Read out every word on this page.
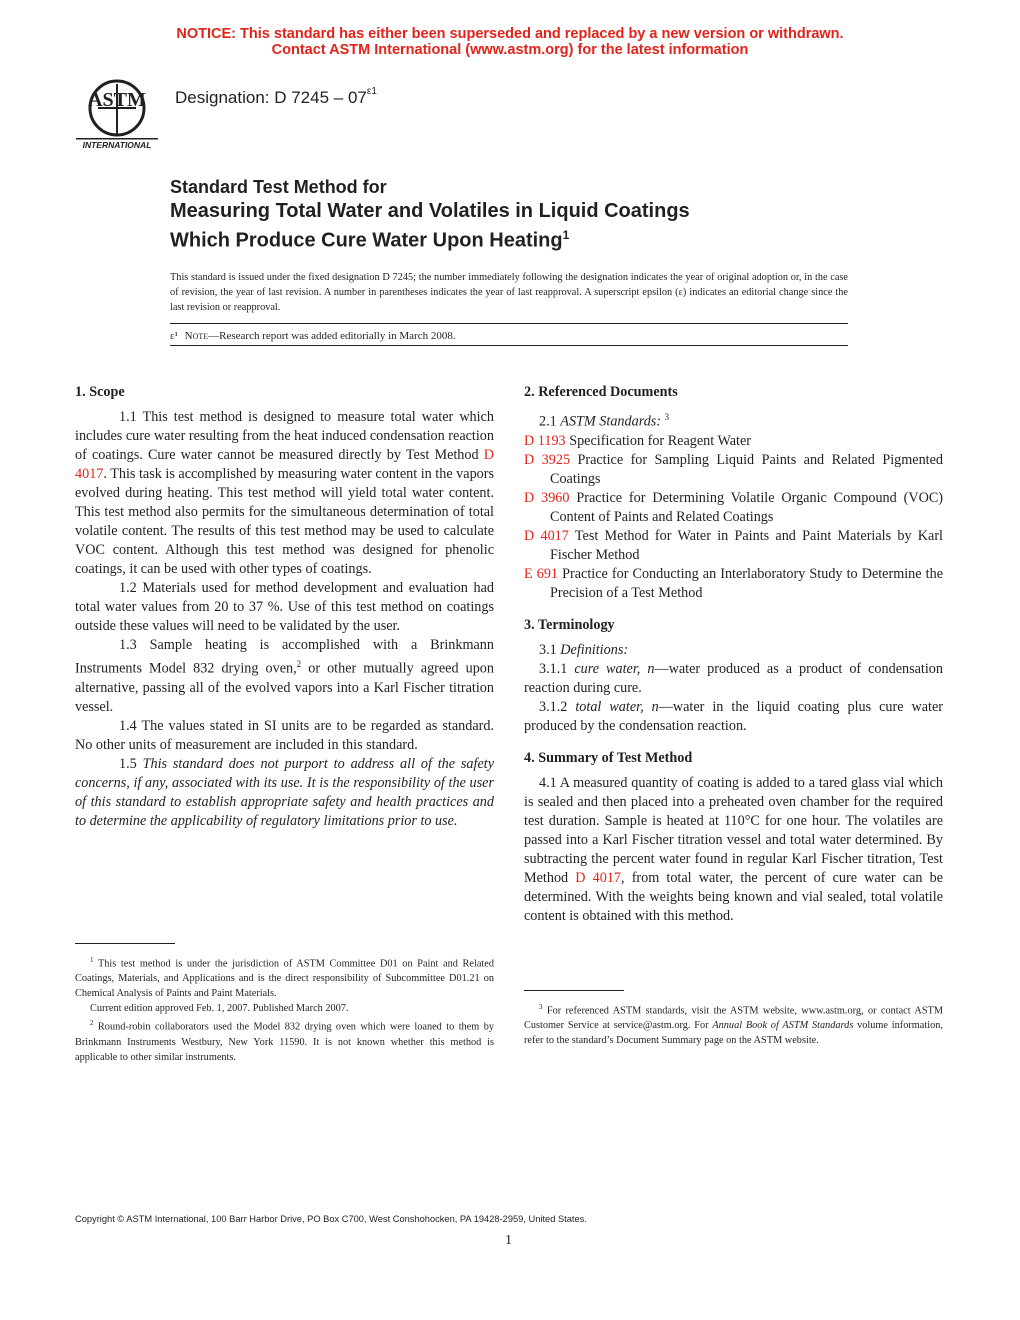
NOTICE: This standard has either been superseded and replaced by a new version or withdrawn.
Contact ASTM International (www.astm.org) for the latest information
ASTM
INTERNATIONAL
Designation: D $7245 - 07^{\varepsilon 1}$
Standard Test Method for
Measuring Total Water and Volatiles in Liquid Coatings
Which Produce Cure Water Upon Heating$^1$
This standard is issued under the fixed designation D 7245; the number immediately following the designation indicates the year of original adoption or, in the case of revision, the year of last revision. A number in parentheses indicates the year of last reapproval. A superscript epsilon (ε) indicates an editorial change since the last revision or reapproval.
ε¹ Note—Research report was added editorially in March 2008.

1. Scope

1.1 This test method is designed to measure total water which includes cure water resulting from the heat induced condensation reaction of coatings. Cure water cannot be measured directly by Test Method D 4017. This task is accomplished by measuring water content in the vapors evolved during heating. This test method will yield total water content. This test method also permits for the simultaneous determination of total volatile content. The results of this test method may be used to calculate VOC content. Although this test method was designed for phenolic coatings, it can be used with other types of coatings.

1.2 Materials used for method development and evaluation had total water values from 20 to 37 %. Use of this test method on coatings outside these values will need to be validated by the user.

1.3 Sample heating is accomplished with a Brinkmann Instruments Model 832 drying oven,$^2$ or other mutually agreed upon alternative, passing all of the evolved vapors into a Karl Fischer titration vessel.

1.4 The values stated in SI units are to be regarded as standard. No other units of measurement are included in this standard.

1.5 This standard does not purport to address all of the safety concerns, if any, associated with its use. It is the responsibility of the user of this standard to establish appropriate safety and health practices and to determine the applicability of regulatory limitations prior to use.

$^1$ This test method is under the jurisdiction of ASTM Committee D01 on Paint and Related Coatings, Materials, and Applications and is the direct responsibility of Subcommittee D01.21 on Chemical Analysis of Paints and Paint Materials.

Current edition approved Feb. 1, 2007. Published March 2007.

$^2$ Round-robin collaborators used the Model 832 drying oven which were loaned to them by Brinkmann Instruments Westbury, New York 11590. It is not known whether this method is applicable to other similar instruments.

2. Referenced Documents

2.1 ASTM Standards: $^3$

D 1193 Specification for Reagent Water

D 3925 Practice for Sampling Liquid Paints and Related Pigmented Coatings

D 3960 Practice for Determining Volatile Organic Compound (VOC) Content of Paints and Related Coatings

D 4017 Test Method for Water in Paints and Paint Materials by Karl Fischer Method

E 691 Practice for Conducting an Interlaboratory Study to Determine the Precision of a Test Method

3. Terminology

3.1 Definitions:

3.1.1 cure water, n—water produced as a product of condensation reaction during cure.

3.1.2 total water, n—water in the liquid coating plus cure water produced by the condensation reaction.

4. Summary of Test Method

4.1 A measured quantity of coating is added to a tared glass vial which is sealed and then placed into a preheated oven chamber for the required test duration. Sample is heated at 110°C for one hour. The volatiles are passed into a Karl Fischer titration vessel and total water determined. By subtracting the percent water found in regular Karl Fischer titration, Test Method D 4017, from total water, the percent of cure water can be determined. With the weights being known and vial sealed, total volatile content is obtained with this method.

$^3$ For referenced ASTM standards, visit the ASTM website, www.astm.org, or contact ASTM Customer Service at service@astm.org. For Annual Book of ASTM Standards volume information, refer to the standard’s Document Summary page on the ASTM website.

Copyright © ASTM International, 100 Barr Harbor Drive, PO Box C700, West Conshohocken, PA 19428-2959, United States.
1
